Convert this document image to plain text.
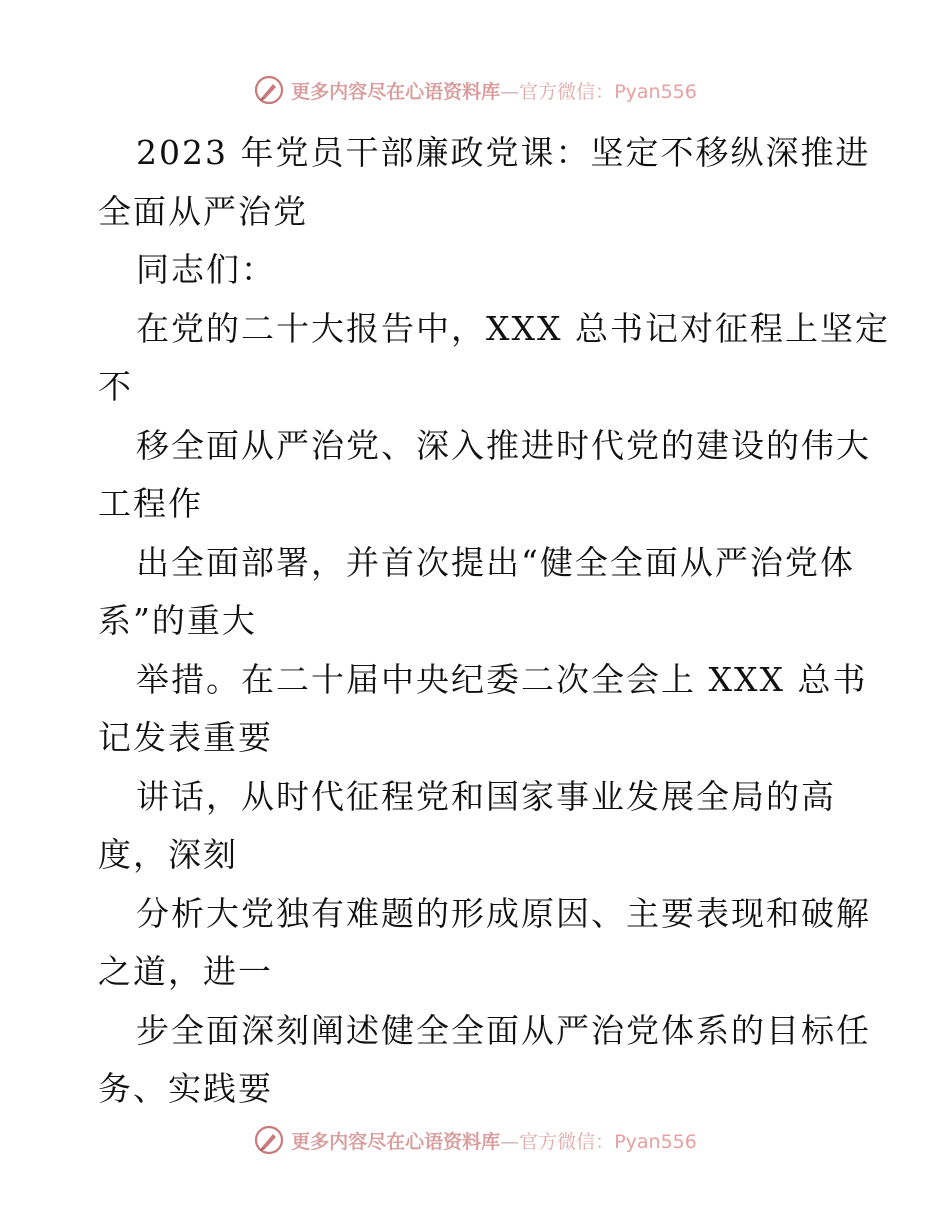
更多内容尽在心语资料库—官方微信：Pyan556
2023 年党员干部廉政党课：坚定不移纵深推进
全面从严治党
同志们：
在党的二十大报告中，XXX 总书记对征程上坚定
不
移全面从严治党、深入推进时代党的建设的伟大
工程作
出全面部署，并首次提出“健全全面从严治党体
系”的重大
举措。在二十届中央纪委二次全会上 XXX 总书
记发表重要
讲话，从时代征程党和国家事业发展全局的高
度，深刻
分析大党独有难题的形成原因、主要表现和破解
之道，进一
步全面深刻阐述健全全面从严治党体系的目标任
务、实践要
更多内容尽在心语资料库—官方微信：Pyan556
